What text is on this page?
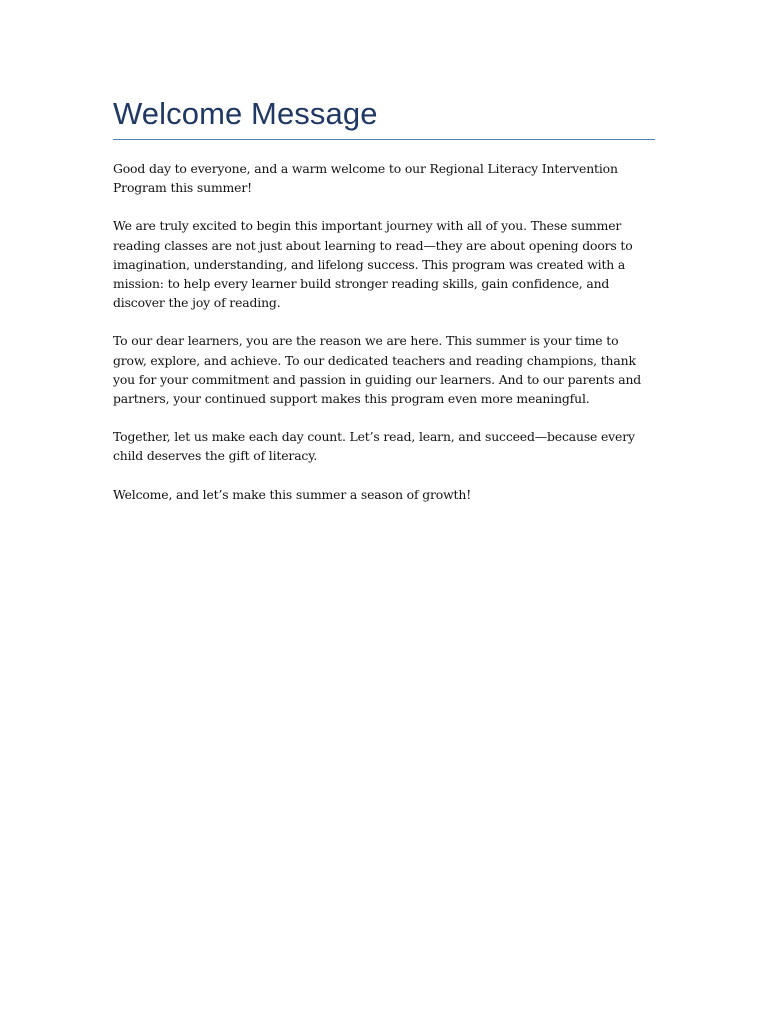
Welcome Message

Good day to everyone, and a warm welcome to our Regional Literacy Intervention Program this summer!

We are truly excited to begin this important journey with all of you. These summer reading classes are not just about learning to read—they are about opening doors to imagination, understanding, and lifelong success. This program was created with a mission: to help every learner build stronger reading skills, gain confidence, and discover the joy of reading.

To our dear learners, you are the reason we are here. This summer is your time to grow, explore, and achieve. To our dedicated teachers and reading champions, thank you for your commitment and passion in guiding our learners. And to our parents and partners, your continued support makes this program even more meaningful.

Together, let us make each day count. Let’s read, learn, and succeed—because every child deserves the gift of literacy.

Welcome, and let’s make this summer a season of growth!
